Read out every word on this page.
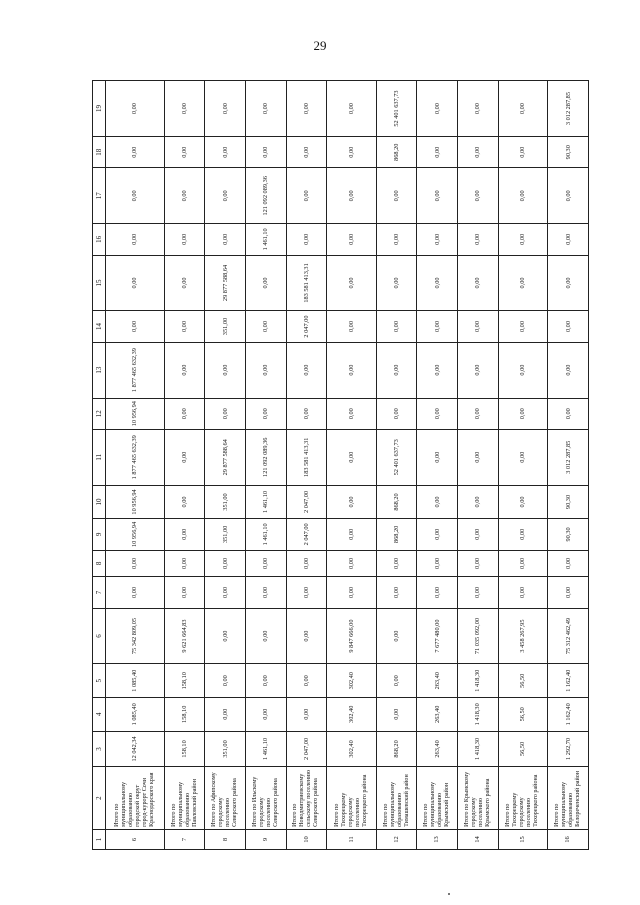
29
1	2	3	4	5	6	7	8	9	10	11	12	13	14	15	16	17	18	19
6	Итого по муниципальному образованию городской округ город-курорт Сочи Краснодарского края	12 042,34	1 085,40	1 085,40	75 342 809,05	0,00	0,00	10 956,94	10 956,94	1 877 465 632,39	10 956,94	1 877 465 632,39	0,00	0,00	0,00	0,00	0,00	0,00
7	Итого по муниципальному образованию Павловский район	158,10	158,10	158,10	9 621 664,83	0,00	0,00	0,00	0,00	0,00	0,00	0,00	0,00	0,00	0,00	0,00	0,00	0,00
8	Итого по Афипскому городскому поселению Северского района	351,00	0,00	0,00	0,00	0,00	0,00	351,00	351,00	29 877 588,64	0,00	0,00	351,00	29 877 588,64	0,00	0,00	0,00	0,00
9	Итого по Ильскому городскому поселению Северского района	1 461,10	0,00	0,00	0,00	0,00	0,00	1 461,10	1 461,10	121 092 089,36	0,00	0,00	0,00	0,00	1 461,10	121 092 089,36	0,00	0,00
10	Итого по Новодмитриевскому сельскому поселению Северского района	2 047,00	0,00	0,00	0,00	0,00	0,00	2 047,00	2 047,00	183 581 413,31	0,00	0,00	2 047,00	183 581 413,31	0,00	0,00	0,00	0,00
11	Итого по Тихорецкому городскому поселению Тихорецкого района	302,40	302,40	302,40	9 847 666,00	0,00	0,00	0,00	0,00	0,00	0,00	0,00	0,00	0,00	0,00	0,00	0,00	0,00
12	Итого по муниципальному образованию Тимашевский район	868,20	0,00	0,00	0,00	0,00	0,00	868,20	868,20	52 401 637,73	0,00	0,00	0,00	0,00	0,00	0,00	868,20	52 401 637,73
13	Итого по муниципальному образованию Крымский район	263,40	263,40	263,40	7 677 480,00	0,00	0,00	0,00	0,00	0,00	0,00	0,00	0,00	0,00	0,00	0,00	0,00	0,00
14	Итого по Крымскому городскому поселению Крымского района	1 418,30	1 418,30	1 418,30	71 035 092,00	0,00	0,00	0,00	0,00	0,00	0,00	0,00	0,00	0,00	0,00	0,00	0,00	0,00
15	Итого по Тихорецкому городскому поселению Тихорецкого района	56,50	56,50	56,50	3 458 267,95	0,00	0,00	0,00	0,00	0,00	0,00	0,00	0,00	0,00	0,00	0,00	0,00	0,00
16	Итого по муниципальному образованию Белореченский район	1 292,70	1 162,40	1 162,40	75 312 462,49	0,00	0,00	90,30	90,30	3 012 287,85	0,00	0,00	0,00	0,00	0,00	0,00	90,30	3 012 287,85
